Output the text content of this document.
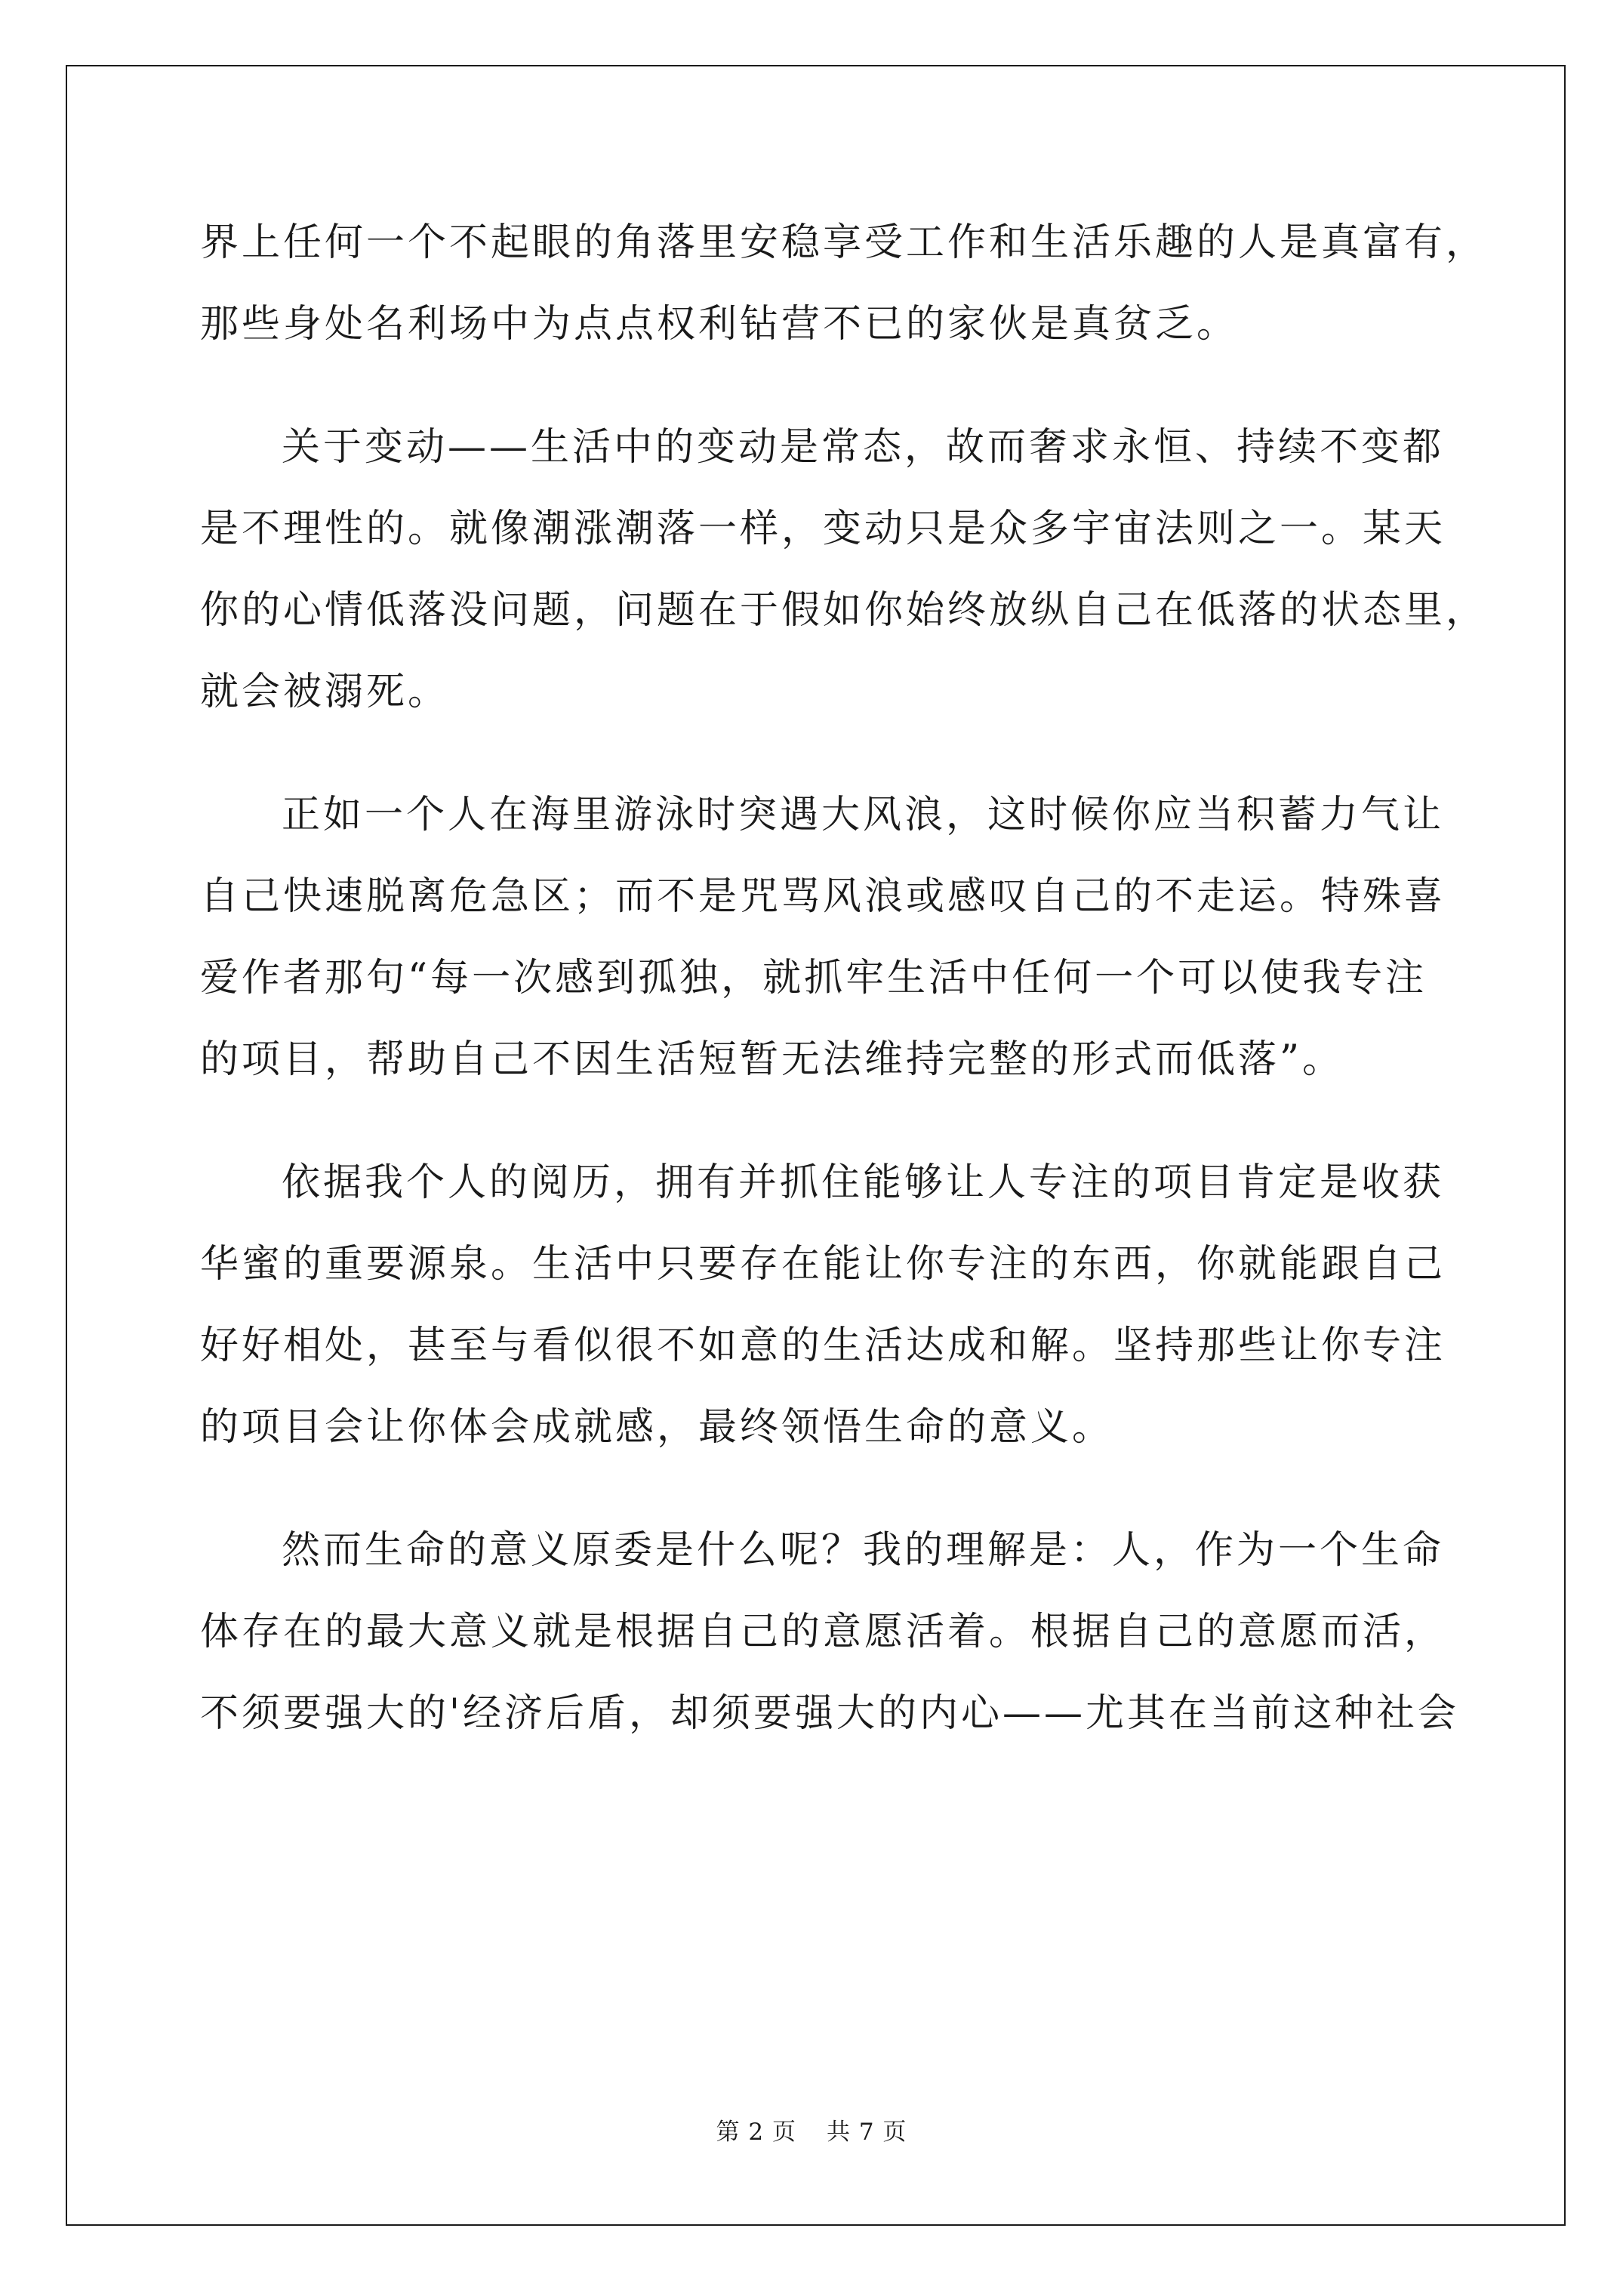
界上任何一个不起眼的角落里安稳享受工作和生活乐趣的人是真富有，
那些身处名利场中为点点权利钻营不已的家伙是真贫乏。
关于变动——生活中的变动是常态，故而奢求永恒、持续不变都
是不理性的。就像潮涨潮落一样，变动只是众多宇宙法则之一。某天
你的心情低落没问题，问题在于假如你始终放纵自己在低落的状态里，
就会被溺死。
正如一个人在海里游泳时突遇大风浪，这时候你应当积蓄力气让
自己快速脱离危急区；而不是咒骂风浪或感叹自己的不走运。特殊喜
爱作者那句“每一次感到孤独，就抓牢生活中任何一个可以使我专注
的项目，帮助自己不因生活短暂无法维持完整的形式而低落”。
依据我个人的阅历，拥有并抓住能够让人专注的项目肯定是收获
华蜜的重要源泉。生活中只要存在能让你专注的东西，你就能跟自己
好好相处，甚至与看似很不如意的生活达成和解。坚持那些让你专注
的项目会让你体会成就感，最终领悟生命的意义。
然而生命的意义原委是什么呢？我的理解是：人，作为一个生命
体存在的最大意义就是根据自己的意愿活着。根据自己的意愿而活，
不须要强大的'经济后盾，却须要强大的内心——尤其在当前这种社会
第 2 页 共 7 页
